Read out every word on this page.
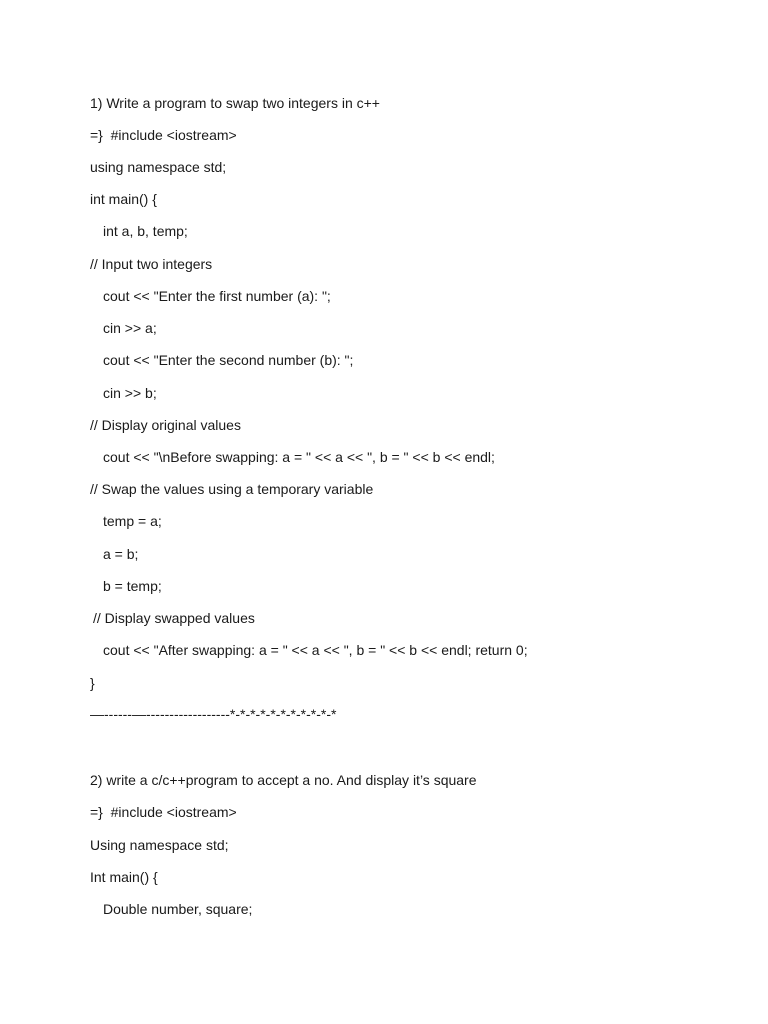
1) Write a program to swap two integers in c++
=}  #include <iostream>
using namespace std;
int main() {
int a, b, temp;
// Input two integers
cout << "Enter the first number (a): ";
cin >> a;
cout << "Enter the second number (b): ";
cin >> b;
// Display original values
cout << "\nBefore swapping: a = " << a << ", b = " << b << endl;
// Swap the values using a temporary variable
temp = a;
a = b;
b = temp;
// Display swapped values
cout << "After swapping: a = " << a << ", b = " << b << endl; return 0;
}
—------—------------------*-*-*-*-*-*-*-*-*-*-*
2) write a c/c++program to accept a no. And display it’s square
=}  #include <iostream>
Using namespace std;
Int main() {
Double number, square;
